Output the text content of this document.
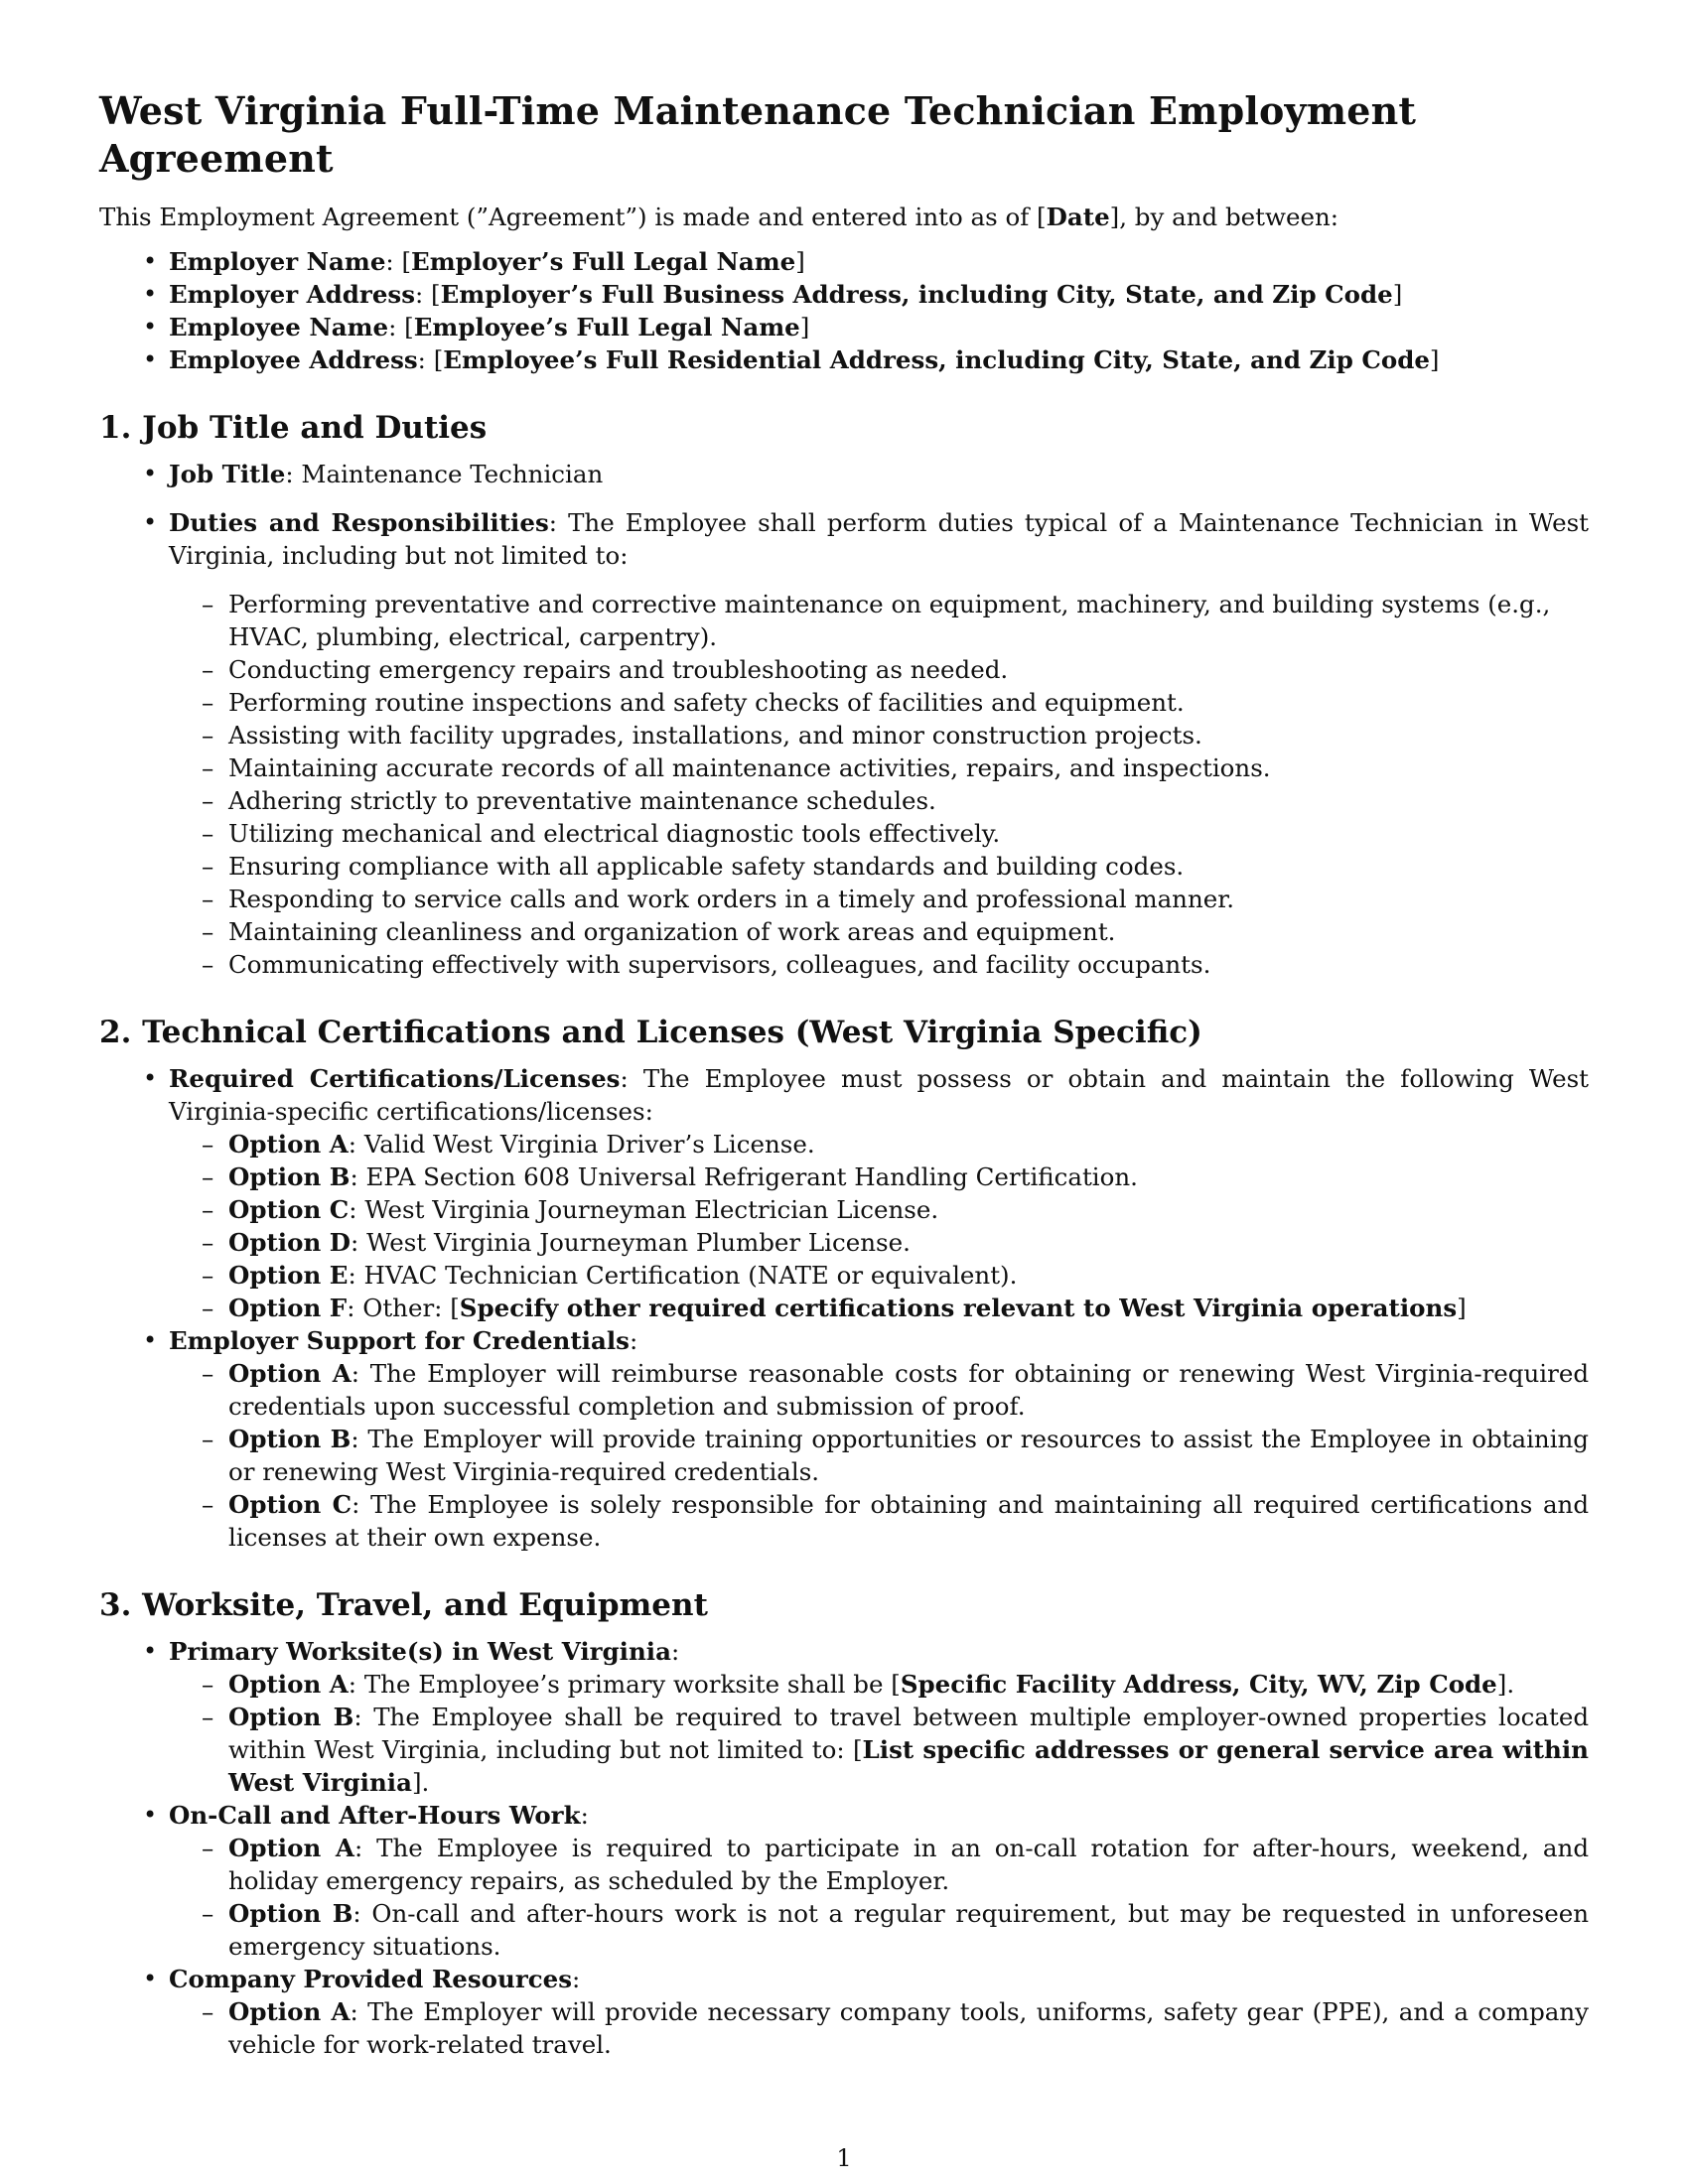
West Virginia Full-Time Maintenance Technician Employment Agreement

This Employment Agreement (”Agreement”) is made and entered into as of [Date], by and between:

• Employer Name: [Employer’s Full Legal Name]
• Employer Address: [Employer’s Full Business Address, including City, State, and Zip Code]
• Employee Name: [Employee’s Full Legal Name]
• Employee Address: [Employee’s Full Residential Address, including City, State, and Zip Code]
1. Job Title and Duties
• Job Title: Maintenance Technician
• Duties and Responsibilities: The Employee shall perform duties typical of a Maintenance Technician in West Virginia, including but not limited to:
– Performing preventative and corrective maintenance on equipment, machinery, and building systems (e.g., HVAC, plumbing, electrical, carpentry).
– Conducting emergency repairs and troubleshooting as needed.
– Performing routine inspections and safety checks of facilities and equipment.
– Assisting with facility upgrades, installations, and minor construction projects.
– Maintaining accurate records of all maintenance activities, repairs, and inspections.
– Adhering strictly to preventative maintenance schedules.
– Utilizing mechanical and electrical diagnostic tools effectively.
– Ensuring compliance with all applicable safety standards and building codes.
– Responding to service calls and work orders in a timely and professional manner.
– Maintaining cleanliness and organization of work areas and equipment.
– Communicating effectively with supervisors, colleagues, and facility occupants.
2. Technical Certifications and Licenses (West Virginia Specific)
• Required Certifications/Licenses: The Employee must possess or obtain and maintain the following West Virginia-specific certifications/licenses:
– Option A: Valid West Virginia Driver’s License.
– Option B: EPA Section 608 Universal Refrigerant Handling Certification.
– Option C: West Virginia Journeyman Electrician License.
– Option D: West Virginia Journeyman Plumber License.
– Option E: HVAC Technician Certification (NATE or equivalent).
– Option F: Other: [Specify other required certifications relevant to West Virginia operations]
• Employer Support for Credentials:
– Option A: The Employer will reimburse reasonable costs for obtaining or renewing West Virginia-required credentials upon successful completion and submission of proof.
– Option B: The Employer will provide training opportunities or resources to assist the Employee in obtaining or renewing West Virginia-required credentials.
– Option C: The Employee is solely responsible for obtaining and maintaining all required certifications and licenses at their own expense.
3. Worksite, Travel, and Equipment
• Primary Worksite(s) in West Virginia:
– Option A: The Employee’s primary worksite shall be [Specific Facility Address, City, WV, Zip Code].
– Option B: The Employee shall be required to travel between multiple employer-owned properties located within West Virginia, including but not limited to: [List specific addresses or general service area within West Virginia].
• On-Call and After-Hours Work:
– Option A: The Employee is required to participate in an on-call rotation for after-hours, weekend, and holiday emergency repairs, as scheduled by the Employer.
– Option B: On-call and after-hours work is not a regular requirement, but may be requested in unforeseen emergency situations.
• Company Provided Resources:
– Option A: The Employer will provide necessary company tools, uniforms, safety gear (PPE), and a company vehicle for work-related travel.
1
